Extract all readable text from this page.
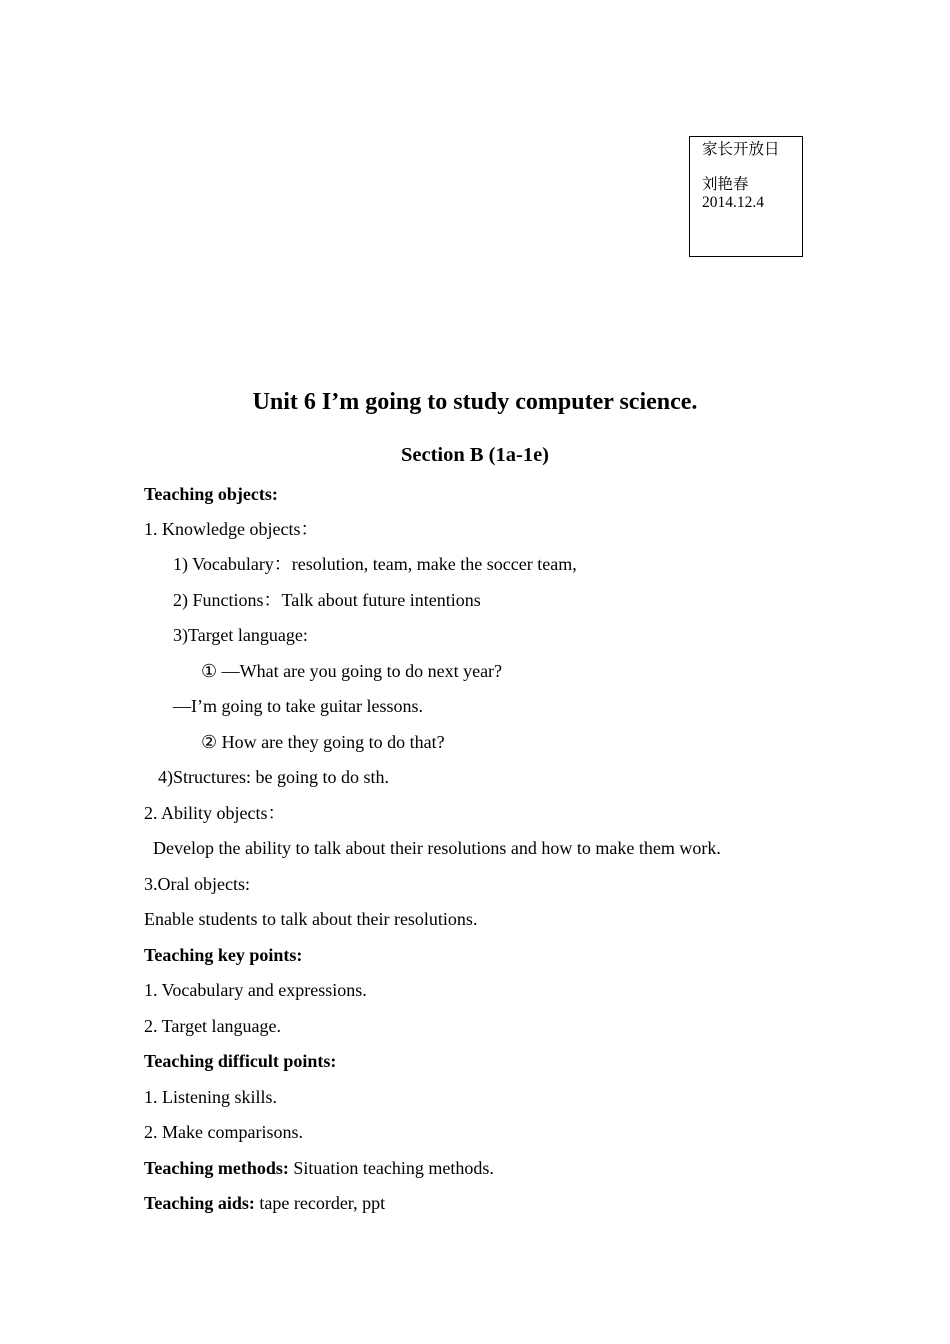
家长开放日
刘艳春
2014.12.4
Unit 6 I’m going to study computer science.
Section B (1a-1e)
Teaching objects:
1. Knowledge objects：
1) Vocabulary：resolution, team, make the soccer team,
2) Functions：Talk about future intentions
3)Target language:
① —What are you going to do next year?
—I’m going to take guitar lessons.
② How are they going to do that?
4)Structures: be going to do sth.
2. Ability objects：
Develop the ability to talk about their resolutions and how to make them work.
3.Oral objects:
Enable students to talk about their resolutions.
Teaching key points:
1. Vocabulary and expressions.
2. Target language.
Teaching difficult points:
1. Listening skills.
2. Make comparisons.
Teaching methods: Situation teaching methods.
Teaching aids: tape recorder, ppt
